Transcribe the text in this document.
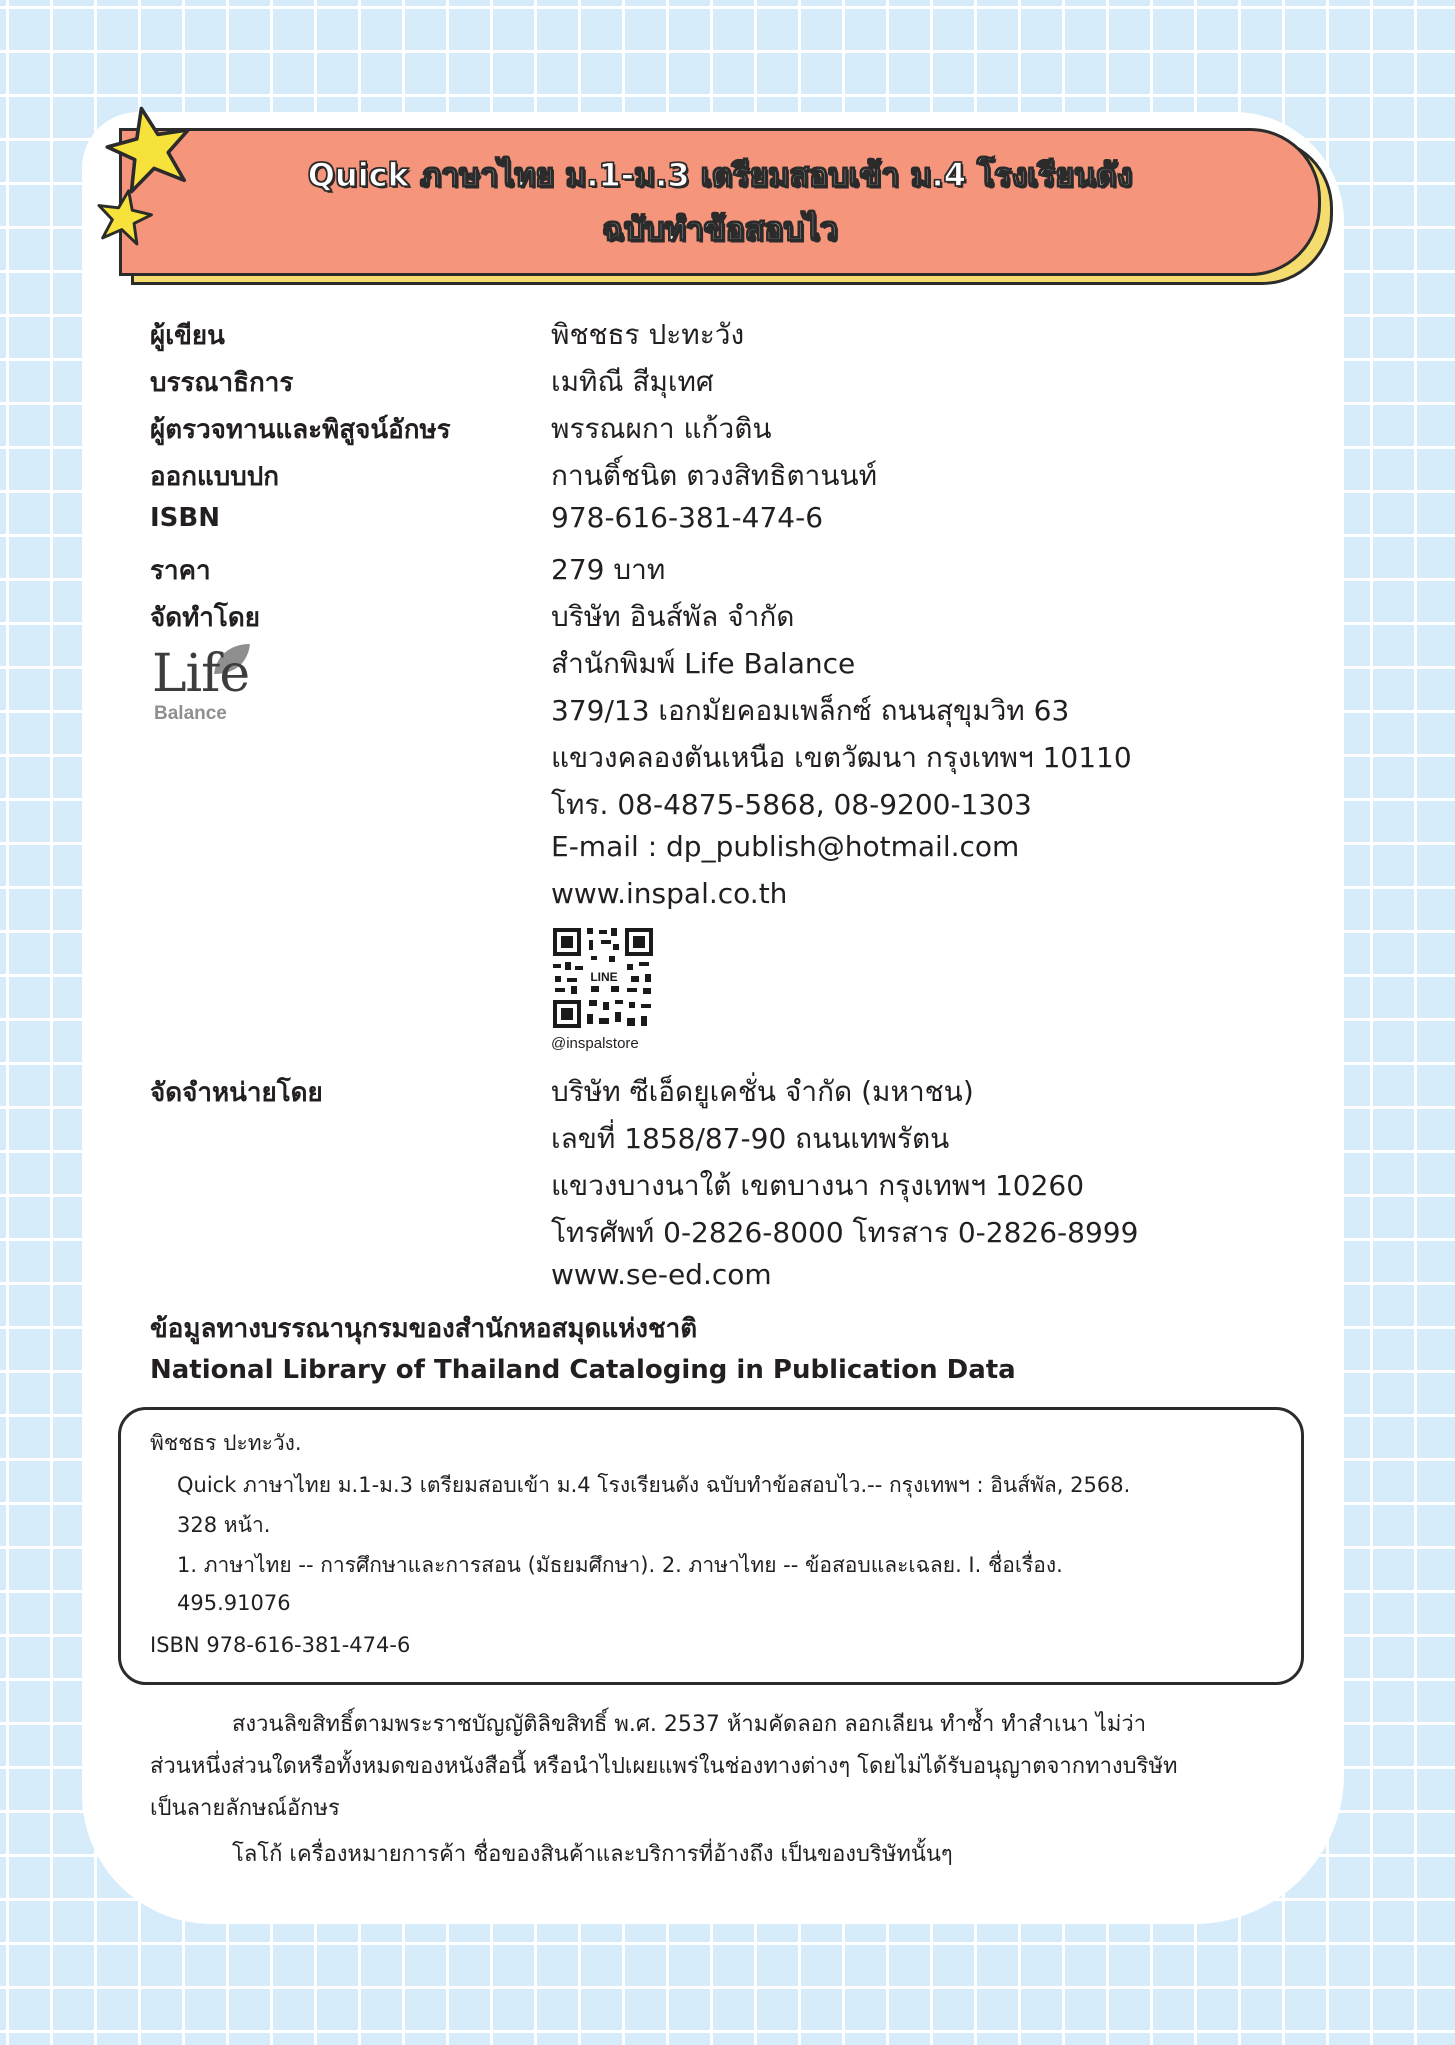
Quick ภาษาไทย ม.1-ม.3 เตรียมสอบเข้า ม.4 โรงเรียนดัง
ฉบับทำข้อสอบไว
ผู้เขียน	พิชชธร ปะทะวัง
บรรณาธิการ	เมทิณี สีมุเทศ
ผู้ตรวจทานและพิสูจน์อักษร	พรรณผกา แก้วติน
ออกแบบปก	กานติ์ชนิต ตวงสิทธิตานนท์
ISBN	978-616-381-474-6
ราคา	279 บาท
จัดทำโดย	บริษัท อินส์พัล จำกัด
Life
Balance
สำนักพิมพ์ Life Balance
379/13 เอกมัยคอมเพล็กซ์ ถนนสุขุมวิท 63
แขวงคลองตันเหนือ เขตวัฒนา กรุงเทพฯ 10110
โทร. 08-4875-5868, 08-9200-1303
E-mail : dp_publish@hotmail.com
www.inspal.co.th
LINE
@inspalstore
จัดจำหน่ายโดย	บริษัท ซีเอ็ดยูเคชั่น จำกัด (มหาชน)
เลขที่ 1858/87-90 ถนนเทพรัตน
แขวงบางนาใต้ เขตบางนา กรุงเทพฯ 10260
โทรศัพท์ 0-2826-8000 โทรสาร 0-2826-8999
www.se-ed.com
ข้อมูลทางบรรณานุกรมของสำนักหอสมุดแห่งชาติ
National Library of Thailand Cataloging in Publication Data
พิชชธร ปะทะวัง.
Quick ภาษาไทย ม.1-ม.3 เตรียมสอบเข้า ม.4 โรงเรียนดัง ฉบับทำข้อสอบไว.-- กรุงเทพฯ : อินส์พัล, 2568.
328 หน้า.
1. ภาษาไทย -- การศึกษาและการสอน (มัธยมศึกษา). 2. ภาษาไทย -- ข้อสอบและเฉลย. I. ชื่อเรื่อง.
495.91076
ISBN 978-616-381-474-6
สงวนลิขสิทธิ์ตามพระราชบัญญัติลิขสิทธิ์ พ.ศ. 2537 ห้ามคัดลอก ลอกเลียน ทำซ้ำ ทำสำเนา ไม่ว่า
ส่วนหนึ่งส่วนใดหรือทั้งหมดของหนังสือนี้ หรือนำไปเผยแพร่ในช่องทางต่างๆ โดยไม่ได้รับอนุญาตจากทางบริษัท
เป็นลายลักษณ์อักษร
โลโก้ เครื่องหมายการค้า ชื่อของสินค้าและบริการที่อ้างถึง เป็นของบริษัทนั้นๆ
